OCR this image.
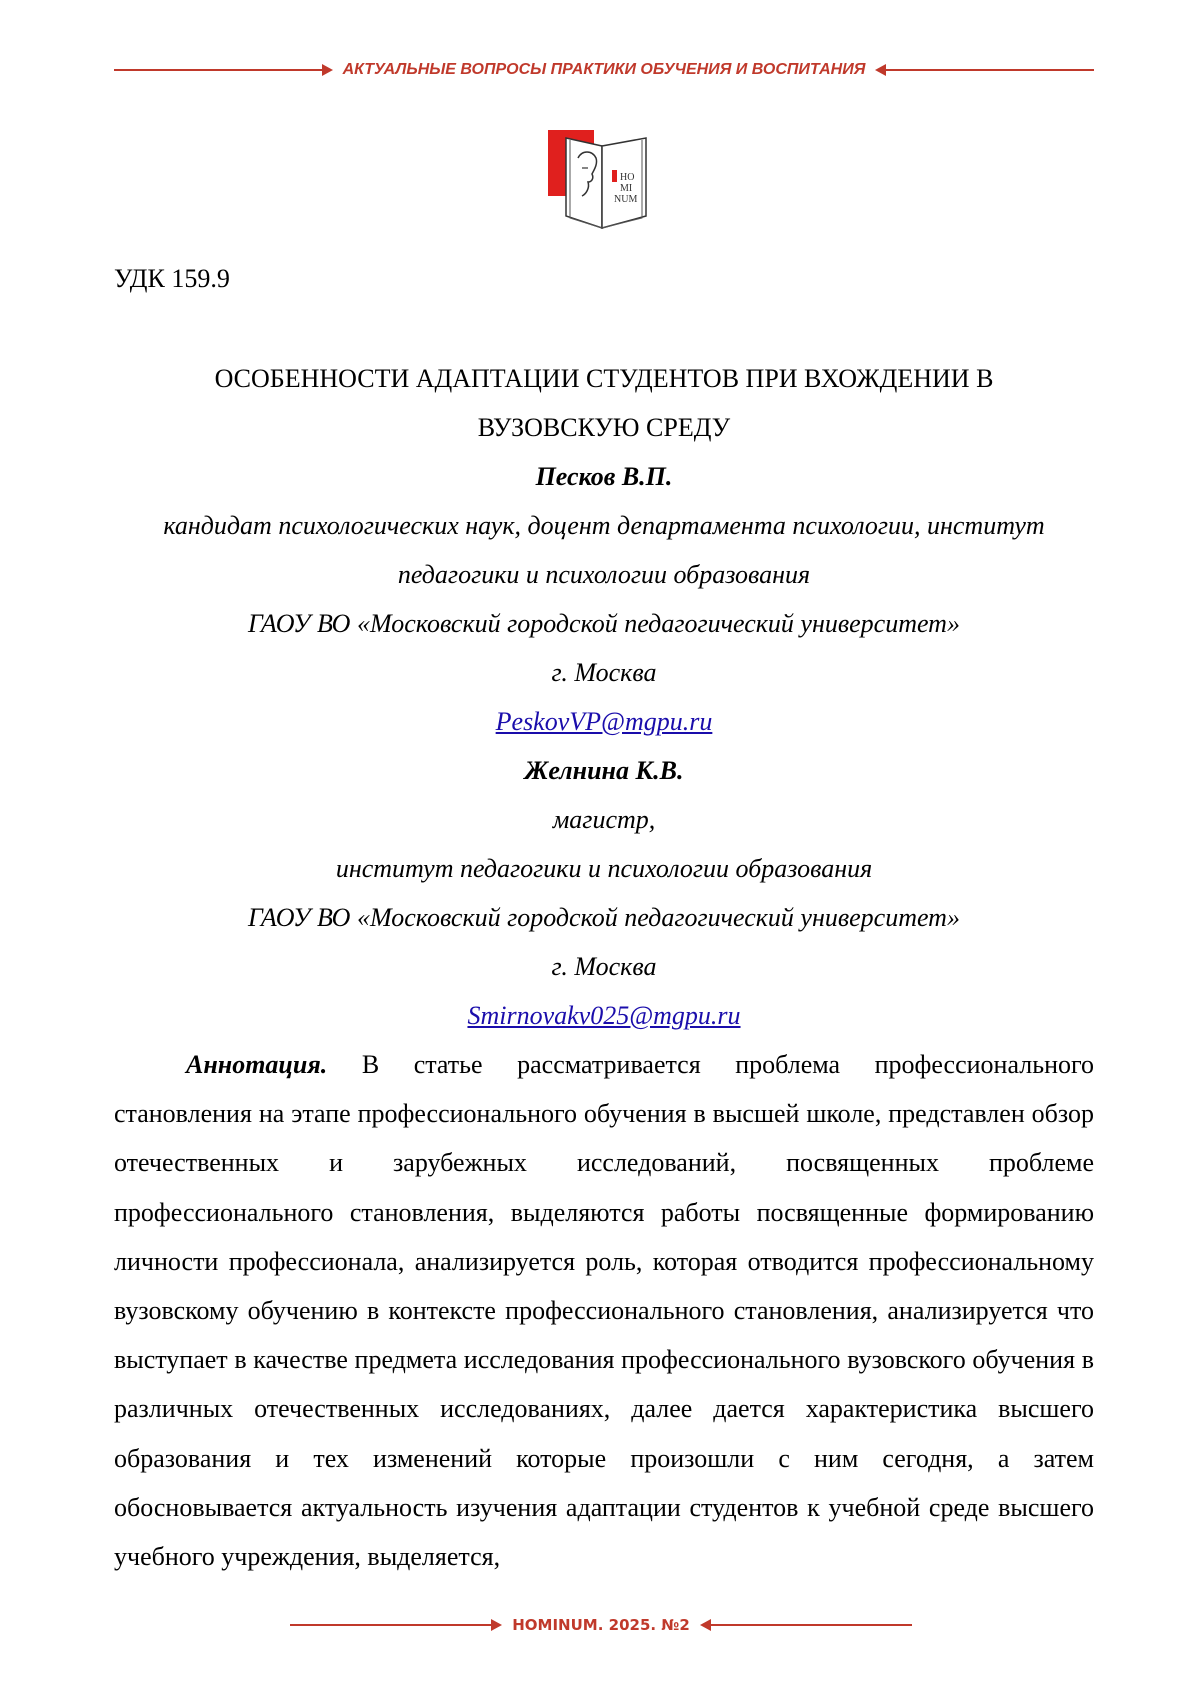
АКТУАЛЬНЫЕ ВОПРОСЫ ПРАКТИКИ ОБУЧЕНИЯ И ВОСПИТАНИЯ
HO
MI
NUM
УДК 159.9
ОСОБЕННОСТИ АДАПТАЦИИ СТУДЕНТОВ ПРИ ВХОЖДЕНИИ В
ВУЗОВСКУЮ СРЕДУ
Песков В.П.
кандидат психологических наук, доцент департамента психологии, институт
педагогики и психологии образования
ГАОУ ВО «Московский городской педагогический университет»
г. Москва
PeskovVP@mgpu.ru
Желнина К.В.
магистр,
институт педагогики и психологии образования
ГАОУ ВО «Московский городской педагогический университет»
г. Москва
Smirnovakv025@mgpu.ru
Аннотация. В статье рассматривается проблема профессионального становления на этапе профессионального обучения в высшей школе, представлен обзор отечественных и зарубежных исследований, посвященных проблеме профессионального становления, выделяются работы посвященные формированию личности профессионала, анализируется роль, которая отводится профессиональному вузовскому обучению в контексте профессионального становления, анализируется что выступает в качестве предмета исследования профессионального вузовского обучения в различных отечественных исследованиях, далее дается характеристика высшего образования и тех изменений которые произошли с ним сегодня, а затем обосновывается актуальность изучения адаптации студентов к учебной среде высшего учебного учреждения, выделяется,
HOMINUM. 2025. №2
